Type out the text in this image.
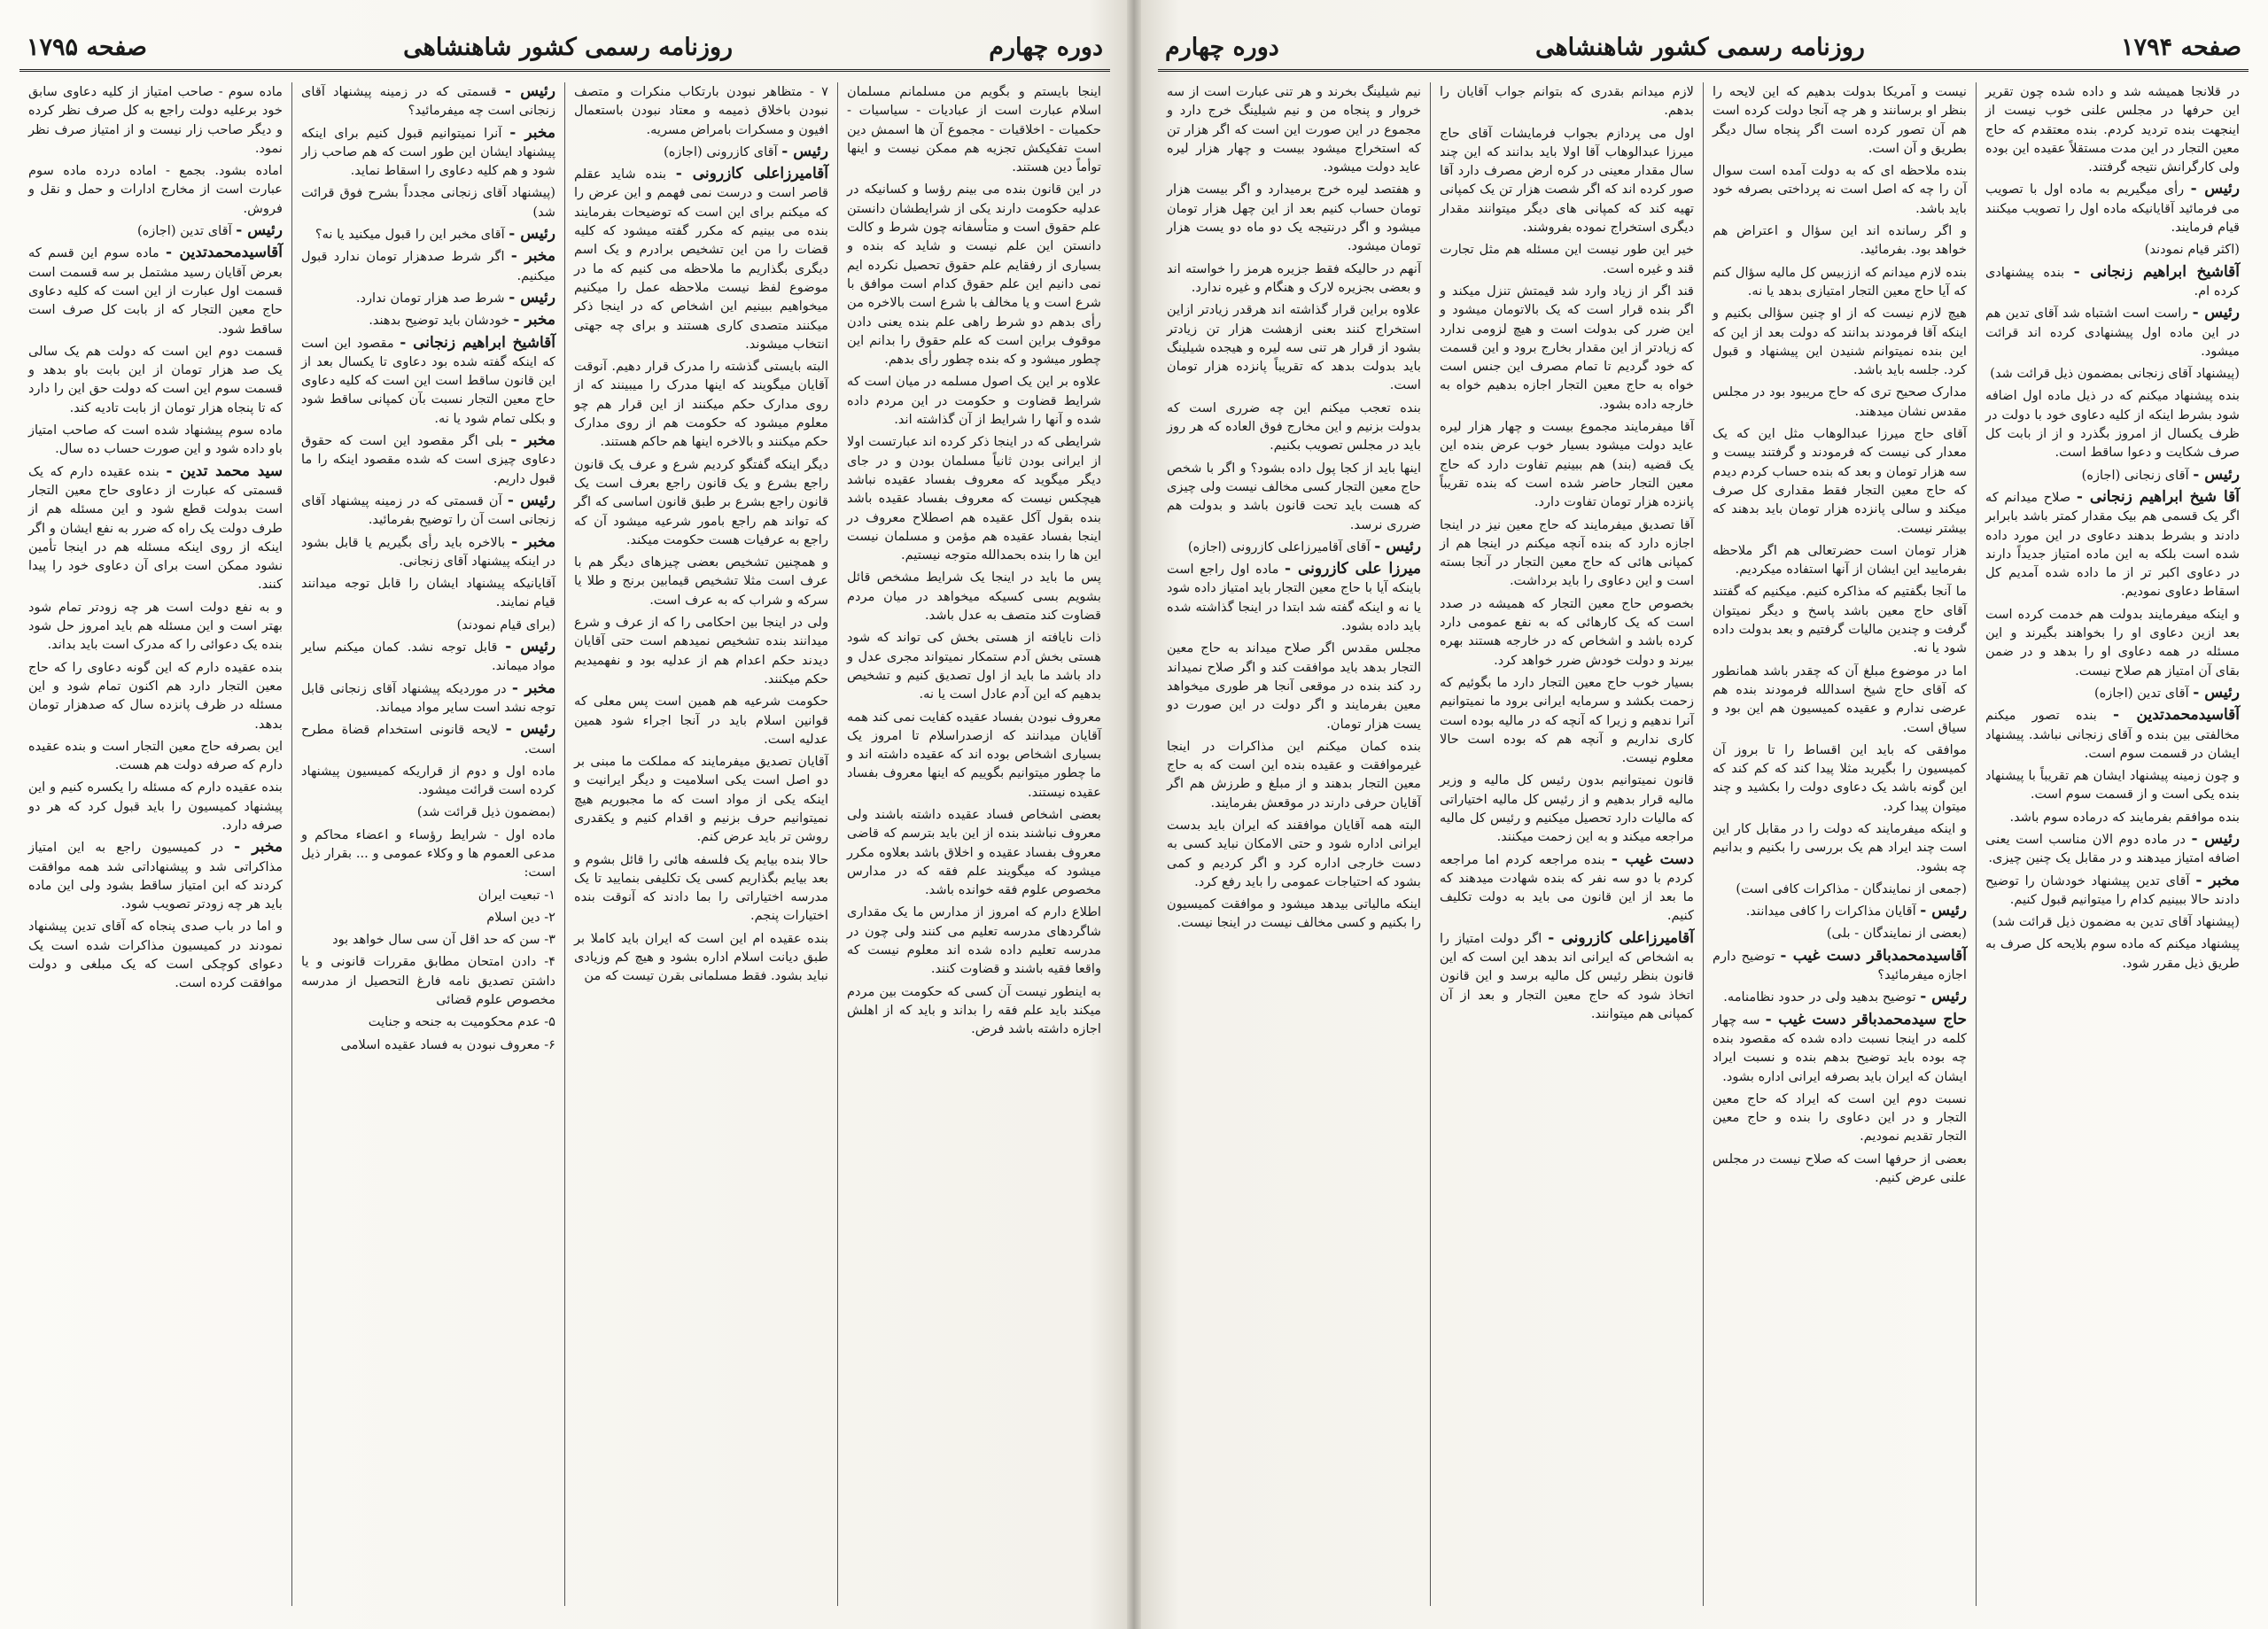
دوره چهارم
روزنامه رسمی کشور شاهنشاهی
صفحه ۱۷۹۵

اینجا بایستم و بگویم من مسلمانم مسلمان اسلام عبارت است از عبادیات - سیاسیات - حکمیات - اخلاقیات - مجموع آن ها اسمش دین است تفکیکش تجزیه هم ممکن نیست و اینها توأماً دین هستند.

در این قانون بنده می بینم رؤسا و کسانیکه در عدلیه حکومت دارند یکی از شرایطشان دانستن علم حقوق است و متأسفانه چون شرط و کالت دانستن این علم نیست و شاید که بنده و بسیاری از رفقایم علم حقوق تحصیل نکرده ایم نمی دانیم این علم حقوق کدام است موافق با شرع است و یا مخالف با شرع است بالاخره من رأی بدهم دو شرط راهی علم بنده یعنی دادن موقوف براین است که علم حقوق را بدانم این چطور میشود و که بنده چطور رأی بدهم.

علاوه بر این یک اصول مسلمه در میان است که شرایط قضاوت و حکومت در این مردم داده شده و آنها را شرایط از آن گذاشته اند.

شرایطی که در اینجا ذکر کرده اند عبارتست اولا از ایرانی بودن ثانیاً مسلمان بودن و در جای دیگر میگوید که معروف بفساد عقیده نباشد هیچکس نیست که معروف بفساد عقیده باشد بنده بقول آکل عقیده هم اصطلاح معروف در اینجا بفساد عقیده هم مؤمن و مسلمان نیست این ها را بنده بحمدالله متوجه نیستیم.

پس ما باید در اینجا یک شرایط مشخص قائل بشویم بسی کسیکه میخواهد در میان مردم قضاوت کند متصف به عدل باشد.

ذات نایافته از هستی بخش کی تواند که شود هستی بخش آدم ستمکار نمیتواند مجری عدل و داد باشد ما باید از اول تصدیق کنیم و تشخیص بدهیم که این آدم عادل است یا نه.

معروف نبودن بفساد عقیده کفایت نمی کند همه آقایان میدانند که ازصدراسلام تا امروز یک بسیاری اشخاص بوده اند که عقیده داشته اند و ما چطور میتوانیم بگوییم که اینها معروف بفساد عقیده نیستند.

بعضی اشخاص فساد عقیده داشته باشند ولی معروف نباشند بنده از این باید بترسم که قاضی معروف بفساد عقیده و اخلاق باشد بعلاوه مکرر میشود که میگویند علم فقه که در مدارس مخصوص علوم فقه خوانده باشد.

اطلاع دارم که امروز از مدارس ما یک مقداری شاگردهای مدرسه تعلیم می کنند ولی چون در مدرسه تعلیم داده شده اند معلوم نیست که واقعا فقیه باشند و قضاوت کنند.

به اینطور نیست آن کسی که حکومت بین مردم میکند باید علم فقه را بداند و باید که از اهلش اجازه داشته باشد فرض.

۷ - متظاهر نبودن بارتکاب منکرات و متصف نبودن باخلاق ذمیمه و معتاد نبودن باستعمال افیون و مسکرات بامراض مسریه.

رئیس - آقای کازرونی (اجازه)

آقامیرزاعلی کازرونی - بنده شاید عقلم قاصر است و درست نمی فهمم و این عرض را که میکنم برای این است که توضیحات بفرمایند بنده می بینیم که مکرر گفته میشود که کلیه قضات را من این تشخیص برادرم و یک اسم دیگری بگذاریم ما ملاحظه می کنیم که ما در موضوع لفظ نیست ملاحظه عمل را میکنیم میخواهیم ببینیم این اشخاص که در اینجا ذکر میکنند متصدی کاری هستند و برای چه جهتی انتخاب میشوند.

البته بایستی گذشته را مدرک قرار دهیم. آنوقت آقایان میگویند که اینها مدرک را میبینند که از روی مدارک حکم میکنند از این قرار هم چو معلوم میشود که حکومت هم از روی مدارک حکم میکنند و بالاخره اینها هم حاکم هستند.

دیگر اینکه گفتگو کردیم شرع و عرف یک قانون راجع بشرع و یک قانون راجع بعرف است یک قانون راجع بشرع بر طبق قانون اساسی که اگر که تواند هم راجع بامور شرعیه میشود آن که راجع به عرفیات هست حکومت میکند.

و همچنین تشخیص بعضی چیزهای دیگر هم با عرف است مثلا تشخیص قیمابین برنج و طلا یا سرکه و شراب که به عرف است.

ولی در اینجا بین احکامی را که از عرف و شرع میدانند بنده تشخیص نمیدهم است حتی آقایان دیدند حکم اعدام هم از عدلیه بود و نفهمیدیم حکم میکنند.

حکومت شرعیه هم همین است پس معلی که قوانین اسلام باید در آنجا اجراء شود همین عدلیه است.

آقایان تصدیق میفرمایند که مملکت ما مبنی بر دو اصل است یکی اسلامیت و دیگر ایرانیت و اینکه یکی از مواد است که ما مجبوریم هیچ نمیتوانیم حرف بزنیم و اقدام کنیم و یکقدری روشن تر باید عرض کنم.

حالا بنده بیایم یک فلسفه هائی را قائل بشوم و بعد بیایم بگذاریم کسی یک تکلیفی بنمایید تا یک مدرسه اختیاراتی را بما دادند که آنوقت بنده اختیارات پنجم.

بنده عقیده ام این است که ایران باید کاملا بر طبق دیانت اسلام اداره بشود و هیچ کم وزیادی نباید بشود. فقط مسلمانی بقرن تیست که من

رئیس - قسمتی که در زمینه پیشنهاد آقای زنجانی است چه میفرمائید؟

مخبر - آنرا نمیتوانیم قبول کنیم برای اینکه پیشنهاد ایشان این طور است که هم صاحب زار شود و هم کلیه دعاوی را اسقاط نماید.

(پیشنهاد آقای زنجانی مجدداً بشرح فوق قرائت شد)

رئیس - آقای مخبر این را قبول میکنید یا نه؟

مخبر - اگر شرط صدهزار تومان ندارد قبول میکنیم.

رئیس - شرط صد هزار تومان ندارد.

مخبر - خودشان باید توضیح بدهند.

آقاشیخ ابراهیم زنجانی - مقصود این است که اینکه گفته شده بود دعاوی تا یکسال بعد از این قانون ساقط است این است که کلیه دعاوی حاج معین التجار نسبت بآن کمپانی ساقط شود و بکلی تمام شود یا نه.

مخبر - بلی اگر مقصود این است که حقوق دعاوی چیزی است که شده مقصود اینکه را ما قبول داریم.

رئیس - آن قسمتی که در زمینه پیشنهاد آقای زنجانی است آن را توضیح بفرمائید.

مخبر - بالاخره باید رأی بگیریم یا قابل بشود در اینکه پیشنهاد آقای زنجانی.

آقایانیکه پیشنهاد ایشان را قابل توجه میدانند قیام نمایند.

(برای قیام نمودند)

رئیس - قابل توجه نشد. کمان میکنم سایر مواد میماند.

مخبر - در موردیکه پیشنهاد آقای زنجانی قابل توجه نشد است سایر مواد میماند.

رئیس - لایحه قانونی استخدام قضاة مطرح است.

ماده اول و دوم از قراریکه کمیسیون پیشنهاد کرده است قرائت میشود.

(بمضمون ذیل قرائت شد)

ماده اول - شرایط رؤساء و اعضاء محاکم و مدعی العموم ها و وکلاء عمومی و ... بقرار ذیل است:

۱- تبعیت ایران

۲- دین اسلام

۳- سن که حد اقل آن سی سال خواهد بود

۴- دادن امتحان مطابق مقررات قانونی و یا داشتن تصدیق نامه فارغ التحصیل از مدرسه مخصوص علوم قضائی

۵- عدم محکومیت به جنحه و جنایت

۶- معروف نبودن به فساد عقیده اسلامی

ماده سوم - صاحب امتیاز از کلیه دعاوی سابق خود برعلیه دولت راجع به کل صرف نظر کرده و دیگر صاحب زار نیست و از امتیاز صرف نظر نمود.

اماده بشود. بجمع - اماده درده ماده سوم عبارت است از مخارج ادارات و حمل و نقل و فروش.

رئیس - آقای تدین (اجازه)

آقاسیدمحمدتدین - ماده سوم این قسم که بعرض آقایان رسید مشتمل بر سه قسمت است قسمت اول عبارت از این است که کلیه دعاوی حاج معین التجار که از بابت کل صرف است ساقط شود.

قسمت دوم این است که دولت هم یک سالی یک صد هزار تومان از این بابت باو بدهد و قسمت سوم این است که دولت حق این را دارد که تا پنجاه هزار تومان از بابت تادیه کند.

ماده سوم پیشنهاد شده است که صاحب امتیاز باو داده شود و این صورت حساب ده سال.

سید محمد تدین - بنده عقیده دارم که یک قسمتی که عبارت از دعاوی حاج معین التجار است بدولت قطع شود و این مسئله هم از طرف دولت یک راه که ضرر به نفع ایشان و اگر اینکه از روی اینکه مسئله هم در اینجا تأمین نشود ممکن است برای آن دعاوی خود را پیدا کنند.

و به نفع دولت است هر چه زودتر تمام شود بهتر است و این مسئله هم باید امروز حل شود بنده یک دعوائی را که مدرک است باید بداند.

بنده عقیده دارم که این گونه دعاوی را که حاج معین التجار دارد هم اکنون تمام شود و این مسئله در ظرف پانزده سال که صدهزار تومان بدهد.

این بصرفه حاج معین التجار است و بنده عقیده دارم که صرفه دولت هم هست.

بنده عقیده دارم که مسئله را یکسره کنیم و این پیشنهاد کمیسیون را باید قبول کرد که هر دو صرفه دارد.

مخبر - در کمیسیون راجع به این امتیاز مذاکراتی شد و پیشنهاداتی شد همه موافقت کردند که ابن امتیاز ساقط بشود ولی این ماده باید هر چه زودتر تصویب شود.

و اما در باب صدی پنجاه که آقای تدین پیشنهاد نمودند در کمیسیون مذاکرات شده است یک دعوای کوچکی است که یک مبلغی و دولت موافقت کرده است.

صفحه ۱۷۹۴
روزنامه رسمی کشور شاهنشاهی
دوره چهارم

در قلانجا همیشه شد و داده شده چون تقریر این حرفها در مجلس علنی خوب نیست از اینجهت بنده تردید کردم. بنده معتقدم که حاج معین التجار در این مدت مستقلاً عقیده این بوده ولی کارگرانش نتیجه گرفتند.

رئیس - رأی میگیریم به ماده اول با تصویب می فرمائید آقایانیکه ماده اول را تصویب میکنند قیام فرمایند.

(اکثر قیام نمودند)

آقاشیخ ابراهیم زنجانی - بنده پیشنهادی کرده ام.

رئیس - راست است اشتباه شد آقای تدین هم در این ماده اول پیشنهادی کرده اند قرائت میشود.

(پیشنهاد آقای زنجانی بمضمون ذیل قرائت شد)

بنده پیشنهاد میکنم که در ذیل ماده اول اضافه شود بشرط اینکه از کلیه دعاوی خود با دولت در ظرف یکسال از امروز بگذرد و از از بابت کل صرف شکایت و دعوا ساقط است.

رئیس - آقای زنجانی (اجازه)

آقا شیخ ابراهیم زنجانی - صلاح میدانم که اگر یک قسمی هم بیک مقدار کمتر باشد بابرابر دادند و بشرط بدهند دعاوی در این مورد داده شده است بلکه به این ماده امتیاز جدیداً دارند در دعاوی اکبر تر از ما داده شده آمدیم کل اسقاط دعاوی نمودیم.

و اینکه میفرمایند بدولت هم خدمت کرده است بعد ازین دعاوی او را بخواهند بگیرند و این مسئله در همه دعاوی او را بدهد و در ضمن بقای آن امتیاز هم صلاح نیست.

رئیس - آقای تدین (اجازه)

آقاسیدمحمدتدین - بنده تصور میکنم مخالفتی بین بنده و آقای زنجانی نباشد. پیشنهاد ایشان در قسمت سوم است.

و چون زمینه پیشنهاد ایشان هم تقریباً با پیشنهاد بنده یکی است و از قسمت سوم است.

بنده موافقم بفرمایند که درماده سوم باشد.

رئیس - در ماده دوم الان مناسب است یعنی اضافه امتیاز میدهند و در مقابل یک چنین چیزی.

مخبر - آقای تدین پیشنهاد خودشان را توضیح دادند حالا ببینیم کدام را میتوانیم قبول کنیم.

(پیشنهاد آقای تدین به مضمون ذیل قرائت شد)

پیشنهاد میکنم که ماده سوم بلایحه کل صرف به طریق ذیل مقرر شود.

نیست و آمریکا بدولت بدهیم که این لایحه را بنظر او برسانند و هر چه آنجا دولت کرده است هم آن تصور کرده است اگر پنجاه سال دیگر بطریق و آن است.

بنده ملاحظه ای که به دولت آمده است سوال آن را چه که اصل است نه پرداختی بصرفه خود باید باشد.

و اگر رسانده اند این سؤال و اعتراض هم خواهد بود. بفرمائید.

بنده لازم میدانم که اززبیس کل مالیه سؤال کنم که آیا حاج معین التجار امتیازی بدهد یا نه.

هیچ لازم نیست که از او چنین سؤالی بکنیم و اینکه آقا فرمودند بدانند که دولت بعد از این که این بنده نمیتوانم شنیدن این پیشنهاد و قبول کرد. جلسه باید باشد.

مدارک صحیح تری که حاج مریبود بود در مجلس مقدس نشان میدهند.

آقای حاج میرزا عبدالوهاب مثل این که یک معدار کی نیست که فرمودند و گرفتند بیست و سه هزار تومان و بعد که بنده حساب کردم دیدم که حاج معین التجار فقط مقداری کل صرف میکند و سالی پانزده هزار تومان باید بدهند که بیشتر نیست.

هزار تومان است حضرتعالی هم اگر ملاحظه بفرمایید این ایشان از آنها استفاده میکردیم.

ما آنجا بگفتیم که مذاکره کنیم. میکنیم که گفتند آقای حاج معین باشد پاسخ و دیگر نمیتوان گرفت و چندین مالیات گرفتیم و بعد بدولت داده شود یا نه.

اما در موضوع مبلغ آن که چقدر باشد همانطور که آقای حاج شیخ اسدالله فرمودند بنده هم عرضی ندارم و عقیده کمیسیون هم این بود و سیاق است.

موافقی که باید این اقساط را تا بروز آن کمیسیون را بگیرید مثلا پیدا کند که کم کند که این گونه باشد یک دعاوی دولت را بکشید و چند میتوان پیدا کرد.

و اینکه میفرمایند که دولت را در مقابل کار این است چند ایراد هم یک بررسی را بکنیم و بدانیم چه بشود.

(جمعی از نمایندگان - مذاکرات کافی است)

رئیس - آقایان مذاکرات را کافی میدانند.

(بعضی از نمایندگان - بلی)

آقاسیدمحمدباقر دست غیب - توضیح دارم اجازه میفرمائید؟

رئیس - توضیح بدهید ولی در حدود نظامنامه.

حاج سیدمحمدباقر دست غیب - سه چهار کلمه در اینجا نسبت داده شده که مقصود بنده چه بوده باید توضیح بدهم بنده و نسبت ایراد ایشان که ایران باید بصرفه ایرانی اداره بشود.

نسبت دوم این است که ایراد که حاج معین التجار و در این دعاوی را بنده و حاج معین التجار تقدیم نمودیم.

بعضی از حرفها است که صلاح نیست در مجلس علنی عرض کنیم.

لازم میدانم بقدری که بتوانم جواب آقایان را بدهم.

اول می پردازم بجواب فرمایشات آقای حاج میرزا عبدالوهاب آقا اولا باید بدانند که این چند سال مقدار معینی در کره ارض مصرف دارد آقا صور کرده اند که اگر شصت هزار تن یک کمپانی تهیه کند که کمپانی های دیگر میتوانند مقدار دیگری استخراج نموده بفروشند.

خیر این طور نیست این مسئله هم مثل تجارت قند و غیره است.

قند اگر از زیاد وارد شد قیمتش تنزل میکند و اگر بنده قرار است که یک بالاتومان میشود و این ضرر کی بدولت است و هیچ لزومی ندارد که زیادتر از این مقدار بخارج برود و این قسمت که خود گردیم تا تمام مصرف این جنس است خواه به حاج معین التجار اجازه بدهیم خواه به خارجه داده بشود.

آقا میفرمایند مجموع بیست و چهار هزار لیره عاید دولت میشود بسیار خوب عرض بنده این یک قضیه (بند) هم ببینیم تفاوت دارد که حاج معین التجار حاضر شده است که بنده تقریباً پانزده هزار تومان تفاوت دارد.

آقا تصدیق میفرمایند که حاج معین نیز در اینجا اجازه دارد که بنده آنچه میکنم در اینجا هم از کمپانی هائی که حاج معین التجار در آنجا بسته است و این دعاوی را باید برداشت.

بخصوص حاج معین التجار که همیشه در صدد است که یک کارهائی که به نفع عمومی دارد کرده باشد و اشخاص که در خارجه هستند بهره بیرند و دولت خودش ضرر خواهد کرد.

بسیار خوب حاج معین التجار دارد ما بگوئیم که زحمت بکشد و سرمایه ایرانی برود ما نمیتوانیم آنرا ندهیم و زیرا که آنچه که در مالیه بوده است کاری نداریم و آنچه هم که بوده است حالا معلوم نیست.

قانون نمیتوانیم بدون رئیس کل مالیه و وزیر مالیه قرار بدهیم و از رئیس کل مالیه اختیاراتی که مالیات دارد تحصیل میکنیم و رئیس کل مالیه مراجعه میکند و به این زحمت میکنند.

دست غیب - بنده مراجعه کردم اما مراجعه کردم با دو سه نفر که بنده شهادت میدهند که ما بعد از این قانون می باید به دولت تکلیف کنیم.

آقامیرزاعلی کازرونی - اگر دولت امتیاز را به اشخاص که ایرانی اند بدهد این است که این قانون بنظر رئیس کل مالیه برسد و این قانون اتخاذ شود که حاج معین التجار و بعد از آن کمپانی هم میتوانند.

نیم شیلینگ بخرند و هر تنی عبارت است از سه خروار و پنجاه من و نیم شیلینگ خرج دارد و مجموع در این صورت این است که اگر هزار تن که استخراج میشود بیست و چهار هزار لیره عاید دولت میشود.

و هفتصد لیره خرج برمیدارد و اگر بیست هزار تومان حساب کنیم بعد از این چهل هزار تومان میشود و اگر درنتیجه یک دو ماه دو یست هزار تومان میشود.

آنهم در حالیکه فقط جزیره هرمز را خواسته اند و بعضی بجزیره لارک و هنگام و غیره ندارد.

علاوه براین قرار گذاشته اند هرقدر زیادتر ازاین استخراج کنند بعنی ازهشت هزار تن زیادتر بشود از قرار هر تنی سه لیره و هیجده شیلینگ باید بدولت بدهد که تقریباً پانزده هزار تومان است.

بنده تعجب میکنم این چه ضرری است که بدولت بزنیم و این مخارج فوق العاده که هر روز باید در مجلس تصویب بکنیم.

اینها باید از کجا پول داده بشود؟ و اگر با شخص حاج معین التجار کسی مخالف نیست ولی چیزی که هست باید تحت قانون باشد و بدولت هم ضرری نرسد.

رئیس - آقای آقامیرزاعلی کازرونی (اجازه)

میرزا علی کازرونی - ماده اول راجع است باینکه آیا با حاج معین التجار باید امتیاز داده شود یا نه و اینکه گفته شد ابتدا در اینجا گذاشته شده باید داده بشود.

مجلس مقدس اگر صلاح میداند به حاج معین التجار بدهد باید موافقت کند و اگر صلاح نمیداند رد کند بنده در موقعی آنجا هر طوری میخواهد معین بفرمایند و اگر دولت در این صورت دو یست هزار تومان.

بنده کمان میکنم این مذاکرات در اینجا غیرموافقت و عقیده بنده این است که به حاج معین التجار بدهند و از مبلغ و طرزش هم اگر آقایان حرفی دارند در موقعش بفرمایند.

البته همه آقایان موافقند که ایران باید بدست ایرانی اداره شود و حتی الامکان نباید کسی به دست خارجی اداره کرد و اگر کردیم و کمی بشود که احتیاجات عمومی را باید رفع کرد.

اینکه مالیاتی بیدهد میشود و موافقت کمیسیون را بکنیم و کسی مخالف نیست در اینجا نیست.
